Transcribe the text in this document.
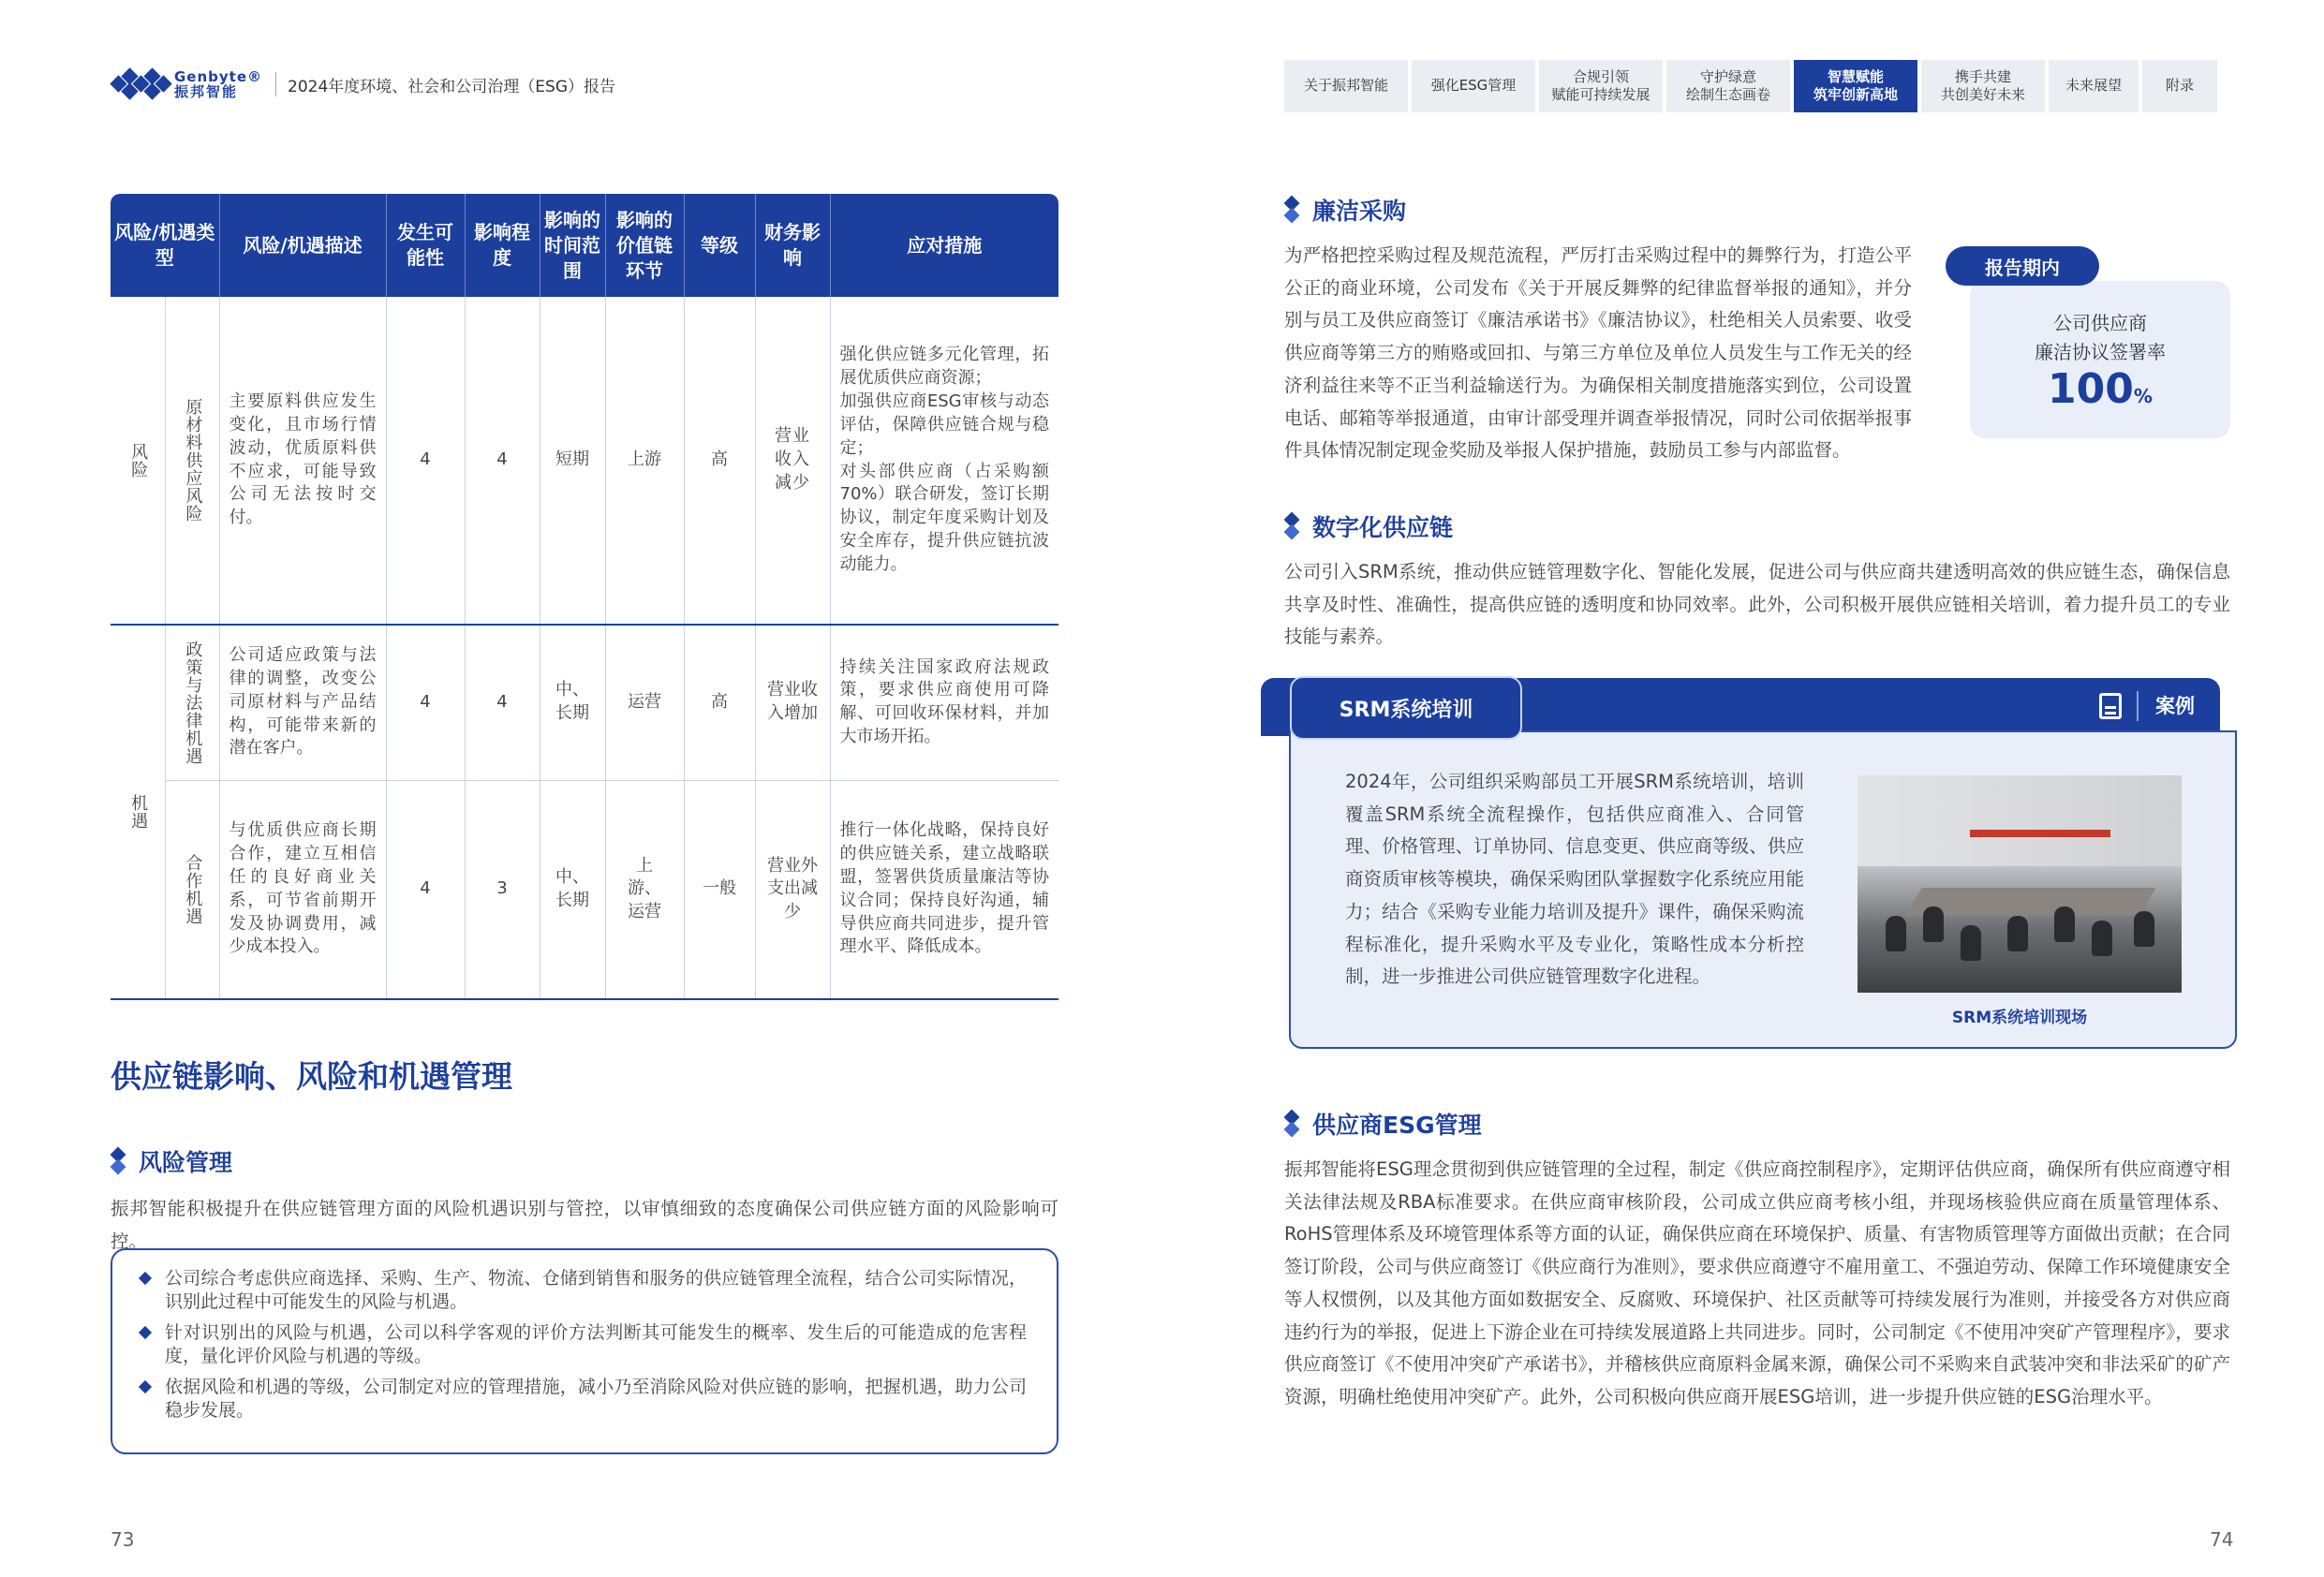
Genbyte®
振邦智能	2024年度环境、社会和公司治理（ESG）报告
风险/机遇类型		风险/机遇描述	发生可能性	影响程度	影响的时间范围	影响的价值链环节	等级	财务影响	应对措施

风险	原材料供应风险	主要原料供应发生变化，且市场行情波动，优质原料供不应求，可能导致公司无法按时交付。	4	4	短期	上游	高	营业收入减少	强化供应链多元化管理，拓展优质供应商资源；
加强供应商ESG审核与动态评估，保障供应链合规与稳定；
对头部供应商（占采购额70%）联合研发，签订长期协议，制定年度采购计划及安全库存，提升供应链抗波动能力。

机遇	政策与法律机遇	公司适应政策与法律的调整，改变公司原材料与产品结构，可能带来新的潜在客户。	4	4	中、长期	运营	高	营业收入增加	持续关注国家政府法规政策，要求供应商使用可降解、可回收环保材料，并加大市场开拓。

	合作机遇	与优质供应商长期合作，建立互相信任的良好商业关系，可节省前期开发及协调费用，减少成本投入。	4	3	中、长期	上游、运营	一般	营业外支出减少	推行一体化战略，保持良好的供应链关系，建立战略联盟，签署供货质量廉洁等协议合同；保持良好沟通，辅导供应商共同进步，提升管理水平、降低成本。
供应链影响、风险和机遇管理
风险管理
振邦智能积极提升在供应链管理方面的风险机遇识别与管控，以审慎细致的态度确保公司供应链方面的风险影响可控。
公司综合考虑供应商选择、采购、生产、物流、仓储到销售和服务的供应链管理全流程，结合公司实际情况，识别此过程中可能发生的风险与机遇。
针对识别出的风险与机遇，公司以科学客观的评价方法判断其可能发生的概率、发生后的可能造成的危害程度，量化评价风险与机遇的等级。
依据风险和机遇的等级，公司制定对应的管理措施，减小乃至消除风险对供应链的影响，把握机遇，助力公司稳步发展。
73
关于振邦智能	强化ESG管理
合规引领
赋能可持续发展
守护绿意
绘制生态画卷
智慧赋能
筑牢创新高地
携手共建
共创美好未来
未来展望	附录
廉洁采购
为严格把控采购过程及规范流程，严厉打击采购过程中的舞弊行为，打造公平公正的商业环境，公司发布《关于开展反舞弊的纪律监督举报的通知》，并分别与员工及供应商签订《廉洁承诺书》《廉洁协议》，杜绝相关人员索要、收受供应商等第三方的贿赂或回扣、与第三方单位及单位人员发生与工作无关的经济利益往来等不正当利益输送行为。为确保相关制度措施落实到位，公司设置电话、邮箱等举报通道，由审计部受理并调查举报情况，同时公司依据举报事件具体情况制定现金奖励及举报人保护措施，鼓励员工参与内部监督。
公司供应商
廉洁协议签署率
100%
报告期内
数字化供应链
公司引入SRM系统，推动供应链管理数字化、智能化发展，促进公司与供应商共建透明高效的供应链生态，确保信息共享及时性、准确性，提高供应链的透明度和协同效率。此外，公司积极开展供应链相关培训，着力提升员工的专业技能与素养。
SRM系统培训	案例
2024年，公司组织采购部员工开展SRM系统培训，培训覆盖SRM系统全流程操作，包括供应商准入、合同管理、价格管理、订单协同、信息变更、供应商等级、供应商资质审核等模块，确保采购团队掌握数字化系统应用能力；结合《采购专业能力培训及提升》课件，确保采购流程标准化，提升采购水平及专业化，策略性成本分析控制，进一步推进公司供应链管理数字化进程。
SRM系统培训现场
供应商ESG管理
振邦智能将ESG理念贯彻到供应链管理的全过程，制定《供应商控制程序》，定期评估供应商，确保所有供应商遵守相关法律法规及RBA标准要求。在供应商审核阶段，公司成立供应商考核小组，并现场核验供应商在质量管理体系、RoHS管理体系及环境管理体系等方面的认证，确保供应商在环境保护、质量、有害物质管理等方面做出贡献；在合同签订阶段，公司与供应商签订《供应商行为准则》，要求供应商遵守不雇用童工、不强迫劳动、保障工作环境健康安全等人权惯例，以及其他方面如数据安全、反腐败、环境保护、社区贡献等可持续发展行为准则，并接受各方对供应商违约行为的举报，促进上下游企业在可持续发展道路上共同进步。同时，公司制定《不使用冲突矿产管理程序》，要求供应商签订《不使用冲突矿产承诺书》，并稽核供应商原料金属来源，确保公司不采购来自武装冲突和非法采矿的矿产资源，明确杜绝使用冲突矿产。此外，公司积极向供应商开展ESG培训，进一步提升供应链的ESG治理水平。
74
